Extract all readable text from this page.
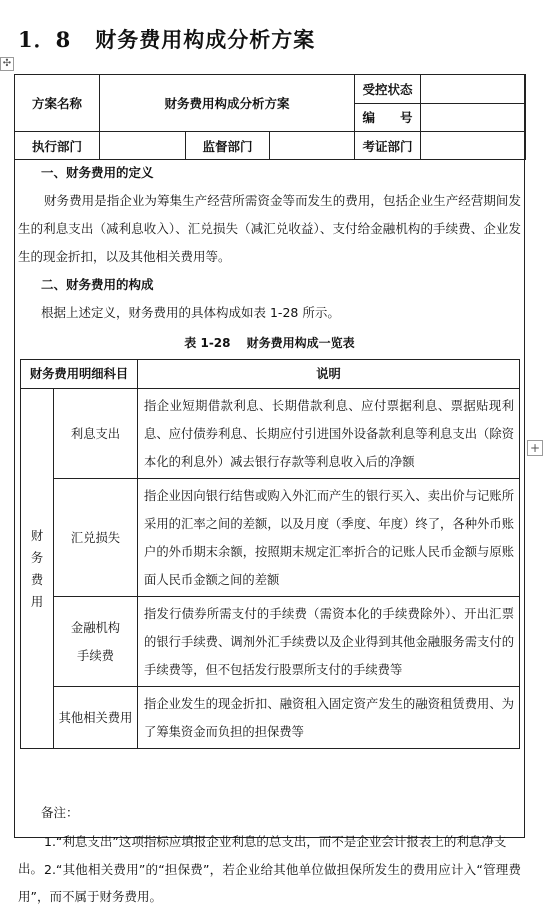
1．8 财务费用构成分析方案
✣
+
方案名称	财务费用构成分析方案			受控状态	
				编　　号	
执行部门		监督部门		考证部门	
一、财务费用的定义
财务费用是指企业为筹集生产经营所需资金等而发生的费用，包括企业生产经营期间发生的利息支出（减利息收入）、汇兑损失（减汇兑收益）、支付给金融机构的手续费、企业发生的现金折扣，以及其他相关费用等。
二、财务费用的构成
根据上述定义，财务费用的具体构成如表 1-28 所示。
表 1-28　 财务费用构成一览表
财务费用明细科目		说明

财
务
费
用	利息支出	指企业短期借款利息、长期借款利息、应付票据利息、票据贴现利息、应付债券利息、长期应付引进国外设备款利息等利息支出（除资本化的利息外）减去银行存款等利息收入后的净额
	汇兑损失	指企业因向银行结售或购入外汇而产生的银行买入、卖出价与记账所采用的汇率之间的差额，以及月度（季度、年度）终了，各种外币账户的外币期末余额，按照期末规定汇率折合的记账人民币金额与原账面人民币金额之间的差额

	金融机构
手续费	指发行债券所需支付的手续费（需资本化的手续费除外）、开出汇票的银行手续费、调剂外汇手续费以及企业得到其他金融服务需支付的手续费等，但不包括发行股票所支付的手续费等
	其他相关费用	指企业发生的现金折扣、融资租入固定资产发生的融资租赁费用、为了筹集资金而负担的担保费等
备注：
1.“利息支出”这项指标应填报企业利息的总支出，而不是企业会计报表上的利息净支出。 2.“其他相关费用”的“担保费”，若企业给其他单位做担保所发生的费用应计入“管理费用”，而不属于财务费用。
